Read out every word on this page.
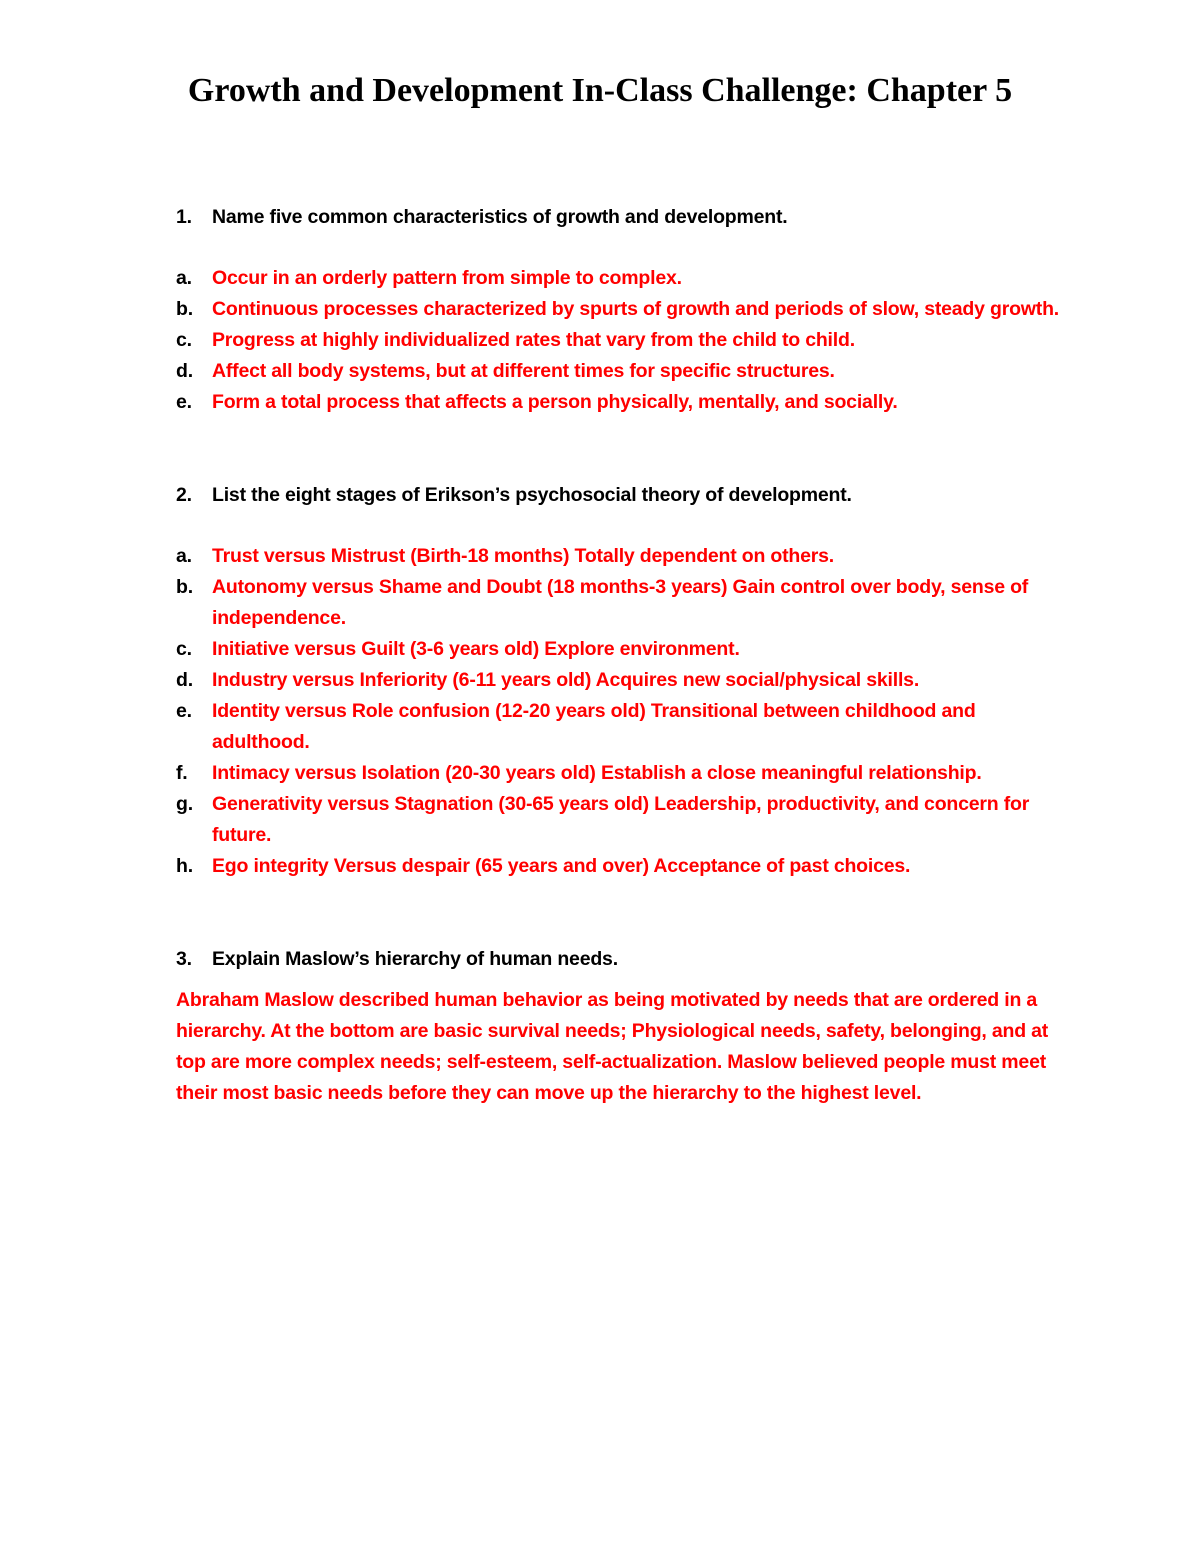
Growth and Development In-Class Challenge: Chapter 5
1.	Name five common characteristics of growth and development.
a.	Occur in an orderly pattern from simple to complex.
b. Continuous processes characterized by spurts of growth and periods of slow, steady growth.
c.	Progress at highly individualized rates that vary from the child to child.
d. Affect all body systems, but at different times for specific structures.
e.	Form a total process that affects a person physically, mentally, and socially.
2.	List the eight stages of Erikson’s psychosocial theory of development.
a.	Trust versus Mistrust (Birth-18 months) Totally dependent on others.
b. Autonomy versus Shame and Doubt (18 months-3 years) Gain control over body, sense of independence.
c.	Initiative versus Guilt (3-6 years old) Explore environment.
d. Industry versus Inferiority (6-11 years old) Acquires new social/physical skills.
e.	Identity versus Role confusion (12-20 years old) Transitional between childhood and adulthood.
f.	Intimacy versus Isolation (20-30 years old) Establish a close meaningful relationship.
g. Generativity versus Stagnation (30-65 years old) Leadership, productivity, and concern for future.
h. Ego integrity Versus despair (65 years and over) Acceptance of past choices.
3.	Explain Maslow’s hierarchy of human needs.

Abraham Maslow described human behavior as being motivated by needs that are ordered in a hierarchy. At the bottom are basic survival needs; Physiological needs, safety, belonging, and at top are more complex needs; self-esteem, self-actualization. Maslow believed people must meet their most basic needs before they can move up the hierarchy to the highest level.
